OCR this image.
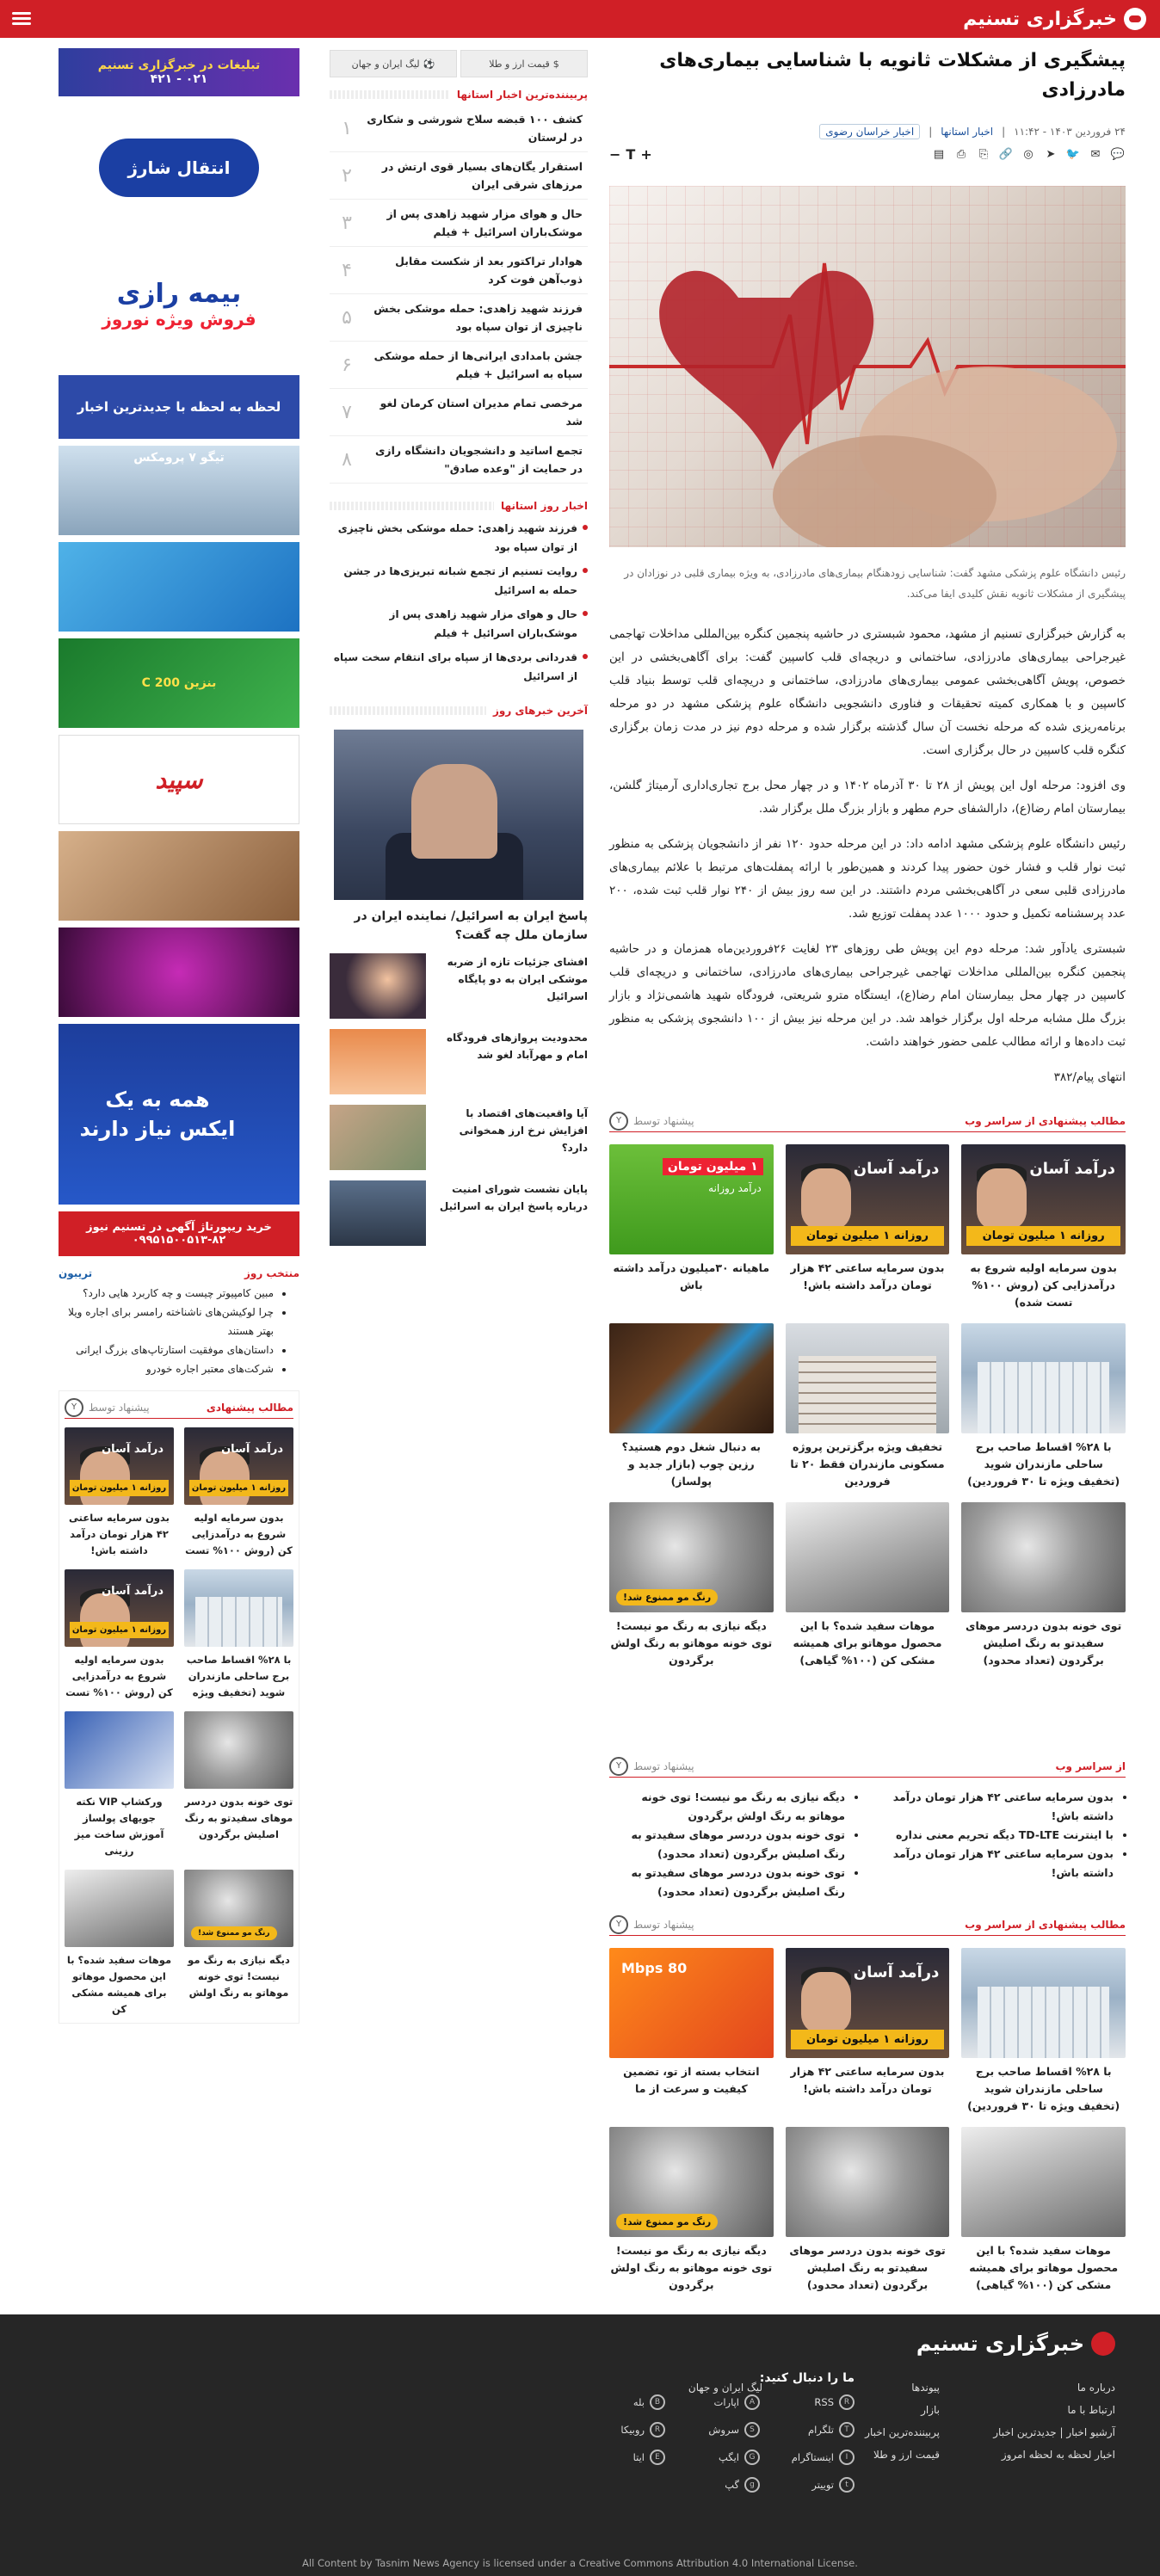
خبرگزاری تسنیم
پیشگیری از مشکلات ثانویه با شناسایی بیماری‌های مادرزادی
۲۴ فروردین ۱۴۰۳ - ۱۱:۴۲
|
اخبار استانها
|
اخبار خراسان رضوی
💬
✉
🐦
➤
◎
🔗
⎘
⎙
▤
+
T
−
رئیس دانشگاه علوم پزشکی مشهد گفت: شناسایی زودهنگام بیماری‌های مادرزادی، به ویژه بیماری قلبی در نوزادان در پیشگیری از مشکلات ثانویه نقش کلیدی ایفا می‌کند.

به گزارش خبرگزاری تسنیم از مشهد، محمود شبستری در حاشیه پنجمین کنگره بین‌المللی مداخلات تهاجمی غیرجراحی بیماری‌های مادرزادی، ساختمانی و دریچه‌ای قلب کاسپین گفت: برای آگاهی‌بخشی در این خصوص، پویش آگاهی‌بخشی عمومی بیماری‌های مادرزادی، ساختمانی و دریچه‌ای قلب توسط بنیاد قلب کاسپین و با همکاری کمیته تحقیقات و فناوری دانشجویی دانشگاه علوم پزشکی مشهد در دو مرحله برنامه‌ریزی شده که مرحله نخست آن سال گذشته برگزار شده و مرحله دوم نیز در مدت زمان برگزاری کنگره قلب کاسپین در حال برگزاری است.

وی افزود: مرحله اول این پویش از ۲۸ تا ۳۰ آذرماه ۱۴۰۲ و در چهار محل برج تجاری‌اداری آرمیتاژ گلشن، بیمارستان امام رضا(ع)، دارالشفای حرم مطهر و بازار بزرگ ملل برگزار شد.

رئیس دانشگاه علوم پزشکی مشهد ادامه داد: در این مرحله حدود ۱۲۰ نفر از دانشجویان پزشکی به منظور ثبت نوار قلب و فشار خون حضور پیدا کردند و همین‌طور با ارائه پمفلت‌های مرتبط با علائم بیماری‌های مادرزادی قلبی سعی در آگاهی‌بخشی مردم داشتند. در این سه روز بیش از ۲۴۰ نوار قلب ثبت شده، ۲۰۰ عدد پرسشنامه تکمیل و حدود ۱۰۰۰ عدد پمفلت توزیع شد.

شبستری یادآور شد: مرحله دوم این پویش طی روزهای ۲۳ لغایت ۲۶فروردین‌ماه همزمان و در حاشیه پنجمین کنگره بین‌المللی مداخلات تهاجمی غیرجراحی بیماری‌های مادرزادی، ساختمانی و دریچه‌ای قلب کاسپین در چهار محل بیمارستان امام رضا(ع)، ایستگاه مترو شریعتی، فرودگاه شهید هاشمی‌نژاد و بازار بزرگ ملل مشابه مرحله اول برگزار خواهد شد. در این مرحله نیز بیش از ۱۰۰ دانشجوی پزشکی به منظور ثبت داده‌ها و ارائه مطالب علمی حضور خواهند داشت.

انتهای پیام/۳۸۲

مطالب پیشنهادی از سراسر وب
پیشنهاد توسط
Y
درآمد آسان
روزانه ۱ میلیون تومان
بدون سرمایه اولیه شروع به درآمدزایی کن (روش ۱۰۰% تست شده)
درآمد آسان
روزانه ۱ میلیون تومان
بدون سرمایه ساعتی ۴۲ هزار تومان درآمد داشته باش!
۱ میلیون تومان
درآمد روزانه
ماهیانه ۳۰میلیون درآمد داشته باش
با ۲۸% اقساط صاحب برج ساحلی مازندران شوید (تخفیف ویژه تا ۳۰ فروردین)
تخفیف ویژه برگزترین پروژه مسکونی مازندران فقط ۲۰ تا فروردین
به دنبال شغل دوم هستید؟ رزین چوب (بازار جدید و پولساز)
توی خونه بدون دردسر موهای سفیدتو به رنگ اصلیش برگردون (تعداد محدود)
موهات سفید شده؟ با این محصول موهاتو برای همیشه مشکی کن (۱۰۰% گیاهی)
رنگ مو ممنوع شد!
دیگه نیازی به رنگ مو نیست! توی خونه موهاتو به رنگ اولش برگردون
از سراسر وب
پیشنهاد توسط
Y
• بدون سرمایه ساعتی ۴۲ هزار تومان درآمد داشته باش!
• با اینترنت TD-LTE دیگه تحریم معنی نداره
• بدون سرمایه ساعتی ۴۲ هزار تومان درآمد داشته باش!
• دیگه نیازی به رنگ مو نیست! توی خونه موهاتو به رنگ اولش برگردون
• توی خونه بدون دردسر موهای سفیدتو به رنگ اصلیش برگردون (تعداد محدود)
• توی خونه بدون دردسر موهای سفیدتو به رنگ اصلیش برگردون (تعداد محدود)
مطالب پیشنهادی از سراسر وب
پیشنهاد توسط
Y
با ۲۸% اقساط صاحب برج ساحلی مازندران شوید (تخفیف ویژه تا ۳۰ فروردین)
درآمد آسان
روزانه ۱ میلیون تومان
بدون سرمایه ساعتی ۴۲ هزار تومان درآمد داشته باش!
80 Mbps
انتخاب بسته از تو، تضمین کیفیت و سرعت از ما
موهات سفید شده؟ با این محصول موهاتو برای همیشه مشکی کن (۱۰۰% گیاهی)
توی خونه بدون دردسر موهای سفیدتو به رنگ اصلیش برگردون (تعداد محدود)
رنگ مو ممنوع شد!
دیگه نیازی به رنگ مو نیست! توی خونه موهاتو به رنگ اولش برگردون
$
قیمت ارز و طلا
⚽
لیگ ایران و جهان
پربیننده‌ترین اخبار استانها
کشف ۱۰۰ قبضه سلاح شورشی و شکاری در لرستان
۱
استقرار یگان‌های بسیار قوی ارتش در مرزهای شرقی ایران
۲
حال و هوای مزار شهید زاهدی پس از موشک‌باران اسرائیل + فیلم
۳
هوادار تراکتور بعد از شکست مقابل ذوب‌آهن فوت کرد
۴
فرزند شهید زاهدی: حمله موشکی بخش ناچیزی از توان سپاه بود
۵
جشن بامدادی ایرانی‌ها از حمله موشکی سپاه به اسرائیل + فیلم
۶
مرخصی تمام مدیران استان کرمان لغو شد
۷
تجمع اساتید و دانشجویان دانشگاه رازی در حمایت از "وعده صادق"
۸
اخبار روز استانها
فرزند شهید زاهدی: حمله موشکی بخش ناچیزی از توان سپاه بود
روایت تسنیم از تجمع شبانه تبریزی‌ها در جشن حمله به اسرائیل
حال و هوای مزار شهید زاهدی پس از موشک‌باران اسرائیل + فیلم
قدردانی بردی‌ها از سپاه برای انتقام سخت سپاه از اسرائیل
آخرین خبرهای روز
پاسخ ایران به اسرائیل/ نماینده ایران در سازمان ملل چه گفت؟
افشای جزئیات تازه از ضربه موشکی ایران به دو پایگاه اسرائیل
محدودیت پروازهای فرودگاه امام و مهرآباد لغو شد
آیا واقعیت‌های اقتصاد با افزایش نرخ ارز همخوانی دارد؟
پایان نشست شورای امنیت درباره پاسخ ایران به اسرائیل
تبلیغات در خبرگزاری تسنیم
۰۲۱ - ۴۲۱
انتقال شارژ
بیمه رازی
فروش ویژه نوروز
لحظه به لحظه با جدیدترین اخبار
تیگو ۷ پرومکس
بنزین C 200
سپید
همه به یک ایکس نیاز دارند
خرید ریپورتاژ آگهی در تسنیم نیوز
۰۹۹۵۱۵۰۰۵۱۳-۸۲
منتخب روز
تریبون
• مبین کامپیوتر چیست و چه کاربرد هایی دارد؟
• چرا لوکیشن‌های ناشناخته رامسر برای اجاره ویلا بهتر هستند
• داستان‌های موفقیت استارتاپ‌های بزرگ ایرانی
• شرکت‌های معتبر اجاره خودرو
مطالب پیشنهادی
پیشنهاد توسط
Y
درآمد آسان
روزانه ۱ میلیون تومان
بدون سرمایه اولیه شروع به درآمدزایی کن (روش ۱۰۰% تست
درآمد آسان
روزانه ۱ میلیون تومان
بدون سرمایه ساعتی ۴۲ هزار تومان درآمد داشته باش!
با ۲۸% اقساط صاحب برج ساحلی مازندران شوید (تخفیف ویژه
درآمد آسان
روزانه ۱ میلیون تومان
بدون سرمایه اولیه شروع به درآمدزایی کن (روش ۱۰۰% تست
توی خونه بدون دردسر موهای سفیدتو به رنگ اصلیش برگردون
ورکشاپ VIP نکته جویهای پولساز آموزش ساخت میز رزینی
رنگ مو ممنوع شد!
دیگه نیازی به رنگ مو نیست! توی خونه موهاتو به رنگ اولش
موهات سفید شده؟ با این محصول موهاتو برای همیشه مشکی کن
خبرگزاری تسنیم
درباره ما
ارتباط با ما
آرشیو اخبار | جدیدترین اخبار
اخبار لحظه به لحظه امروز
پیوندها
بازار
پربیننده‌ترین اخبار
قیمت ارز و طلا
لیگ ایران و جهان
ما را دنبال کنید:
R
RSS
A
اپارات
B
بله
T
تلگرام
S
سروش
R
روبیکا
I
اینستاگرام
G
ایگپ
E
ایتا
t
توییتر
g
گپ
All Content by Tasnim News Agency is licensed under a Creative Commons Attribution 4.0 International License.
